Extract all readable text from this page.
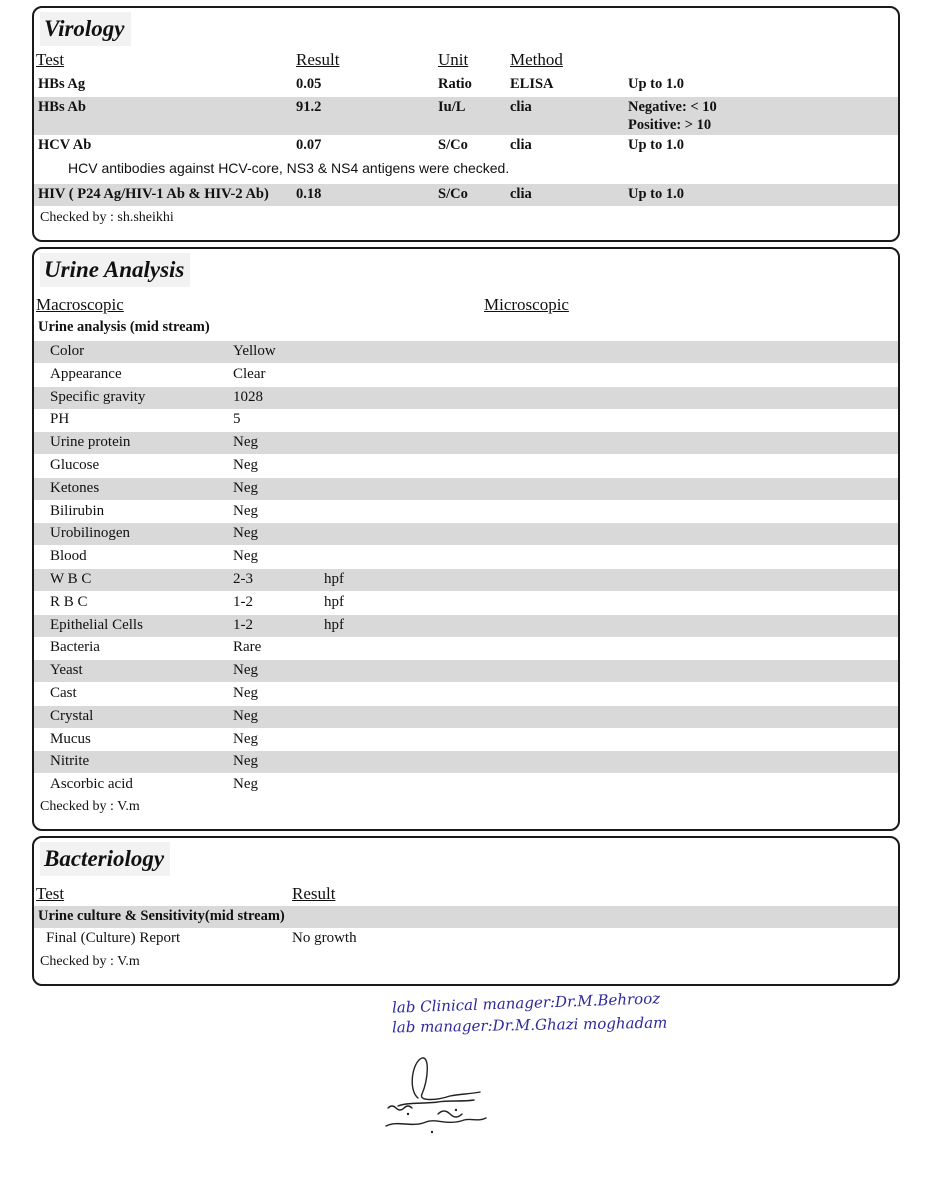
Virology
Test	Result	Unit Method
HBs Ag	0.05	Ratio	ELISA	Up to 1.0
HBs Ab	91.2	Iu/L	clia	Negative: < 10
Positive: > 10
HCV Ab	0.07	S/Co	clia	Up to 1.0
HCV antibodies against HCV-core, NS3 & NS4 antigens were checked.
HIV ( P24 Ag/HIV-1 Ab & HIV-2 Ab) 0.18	S/Co	clia	Up to 1.0
Checked by : sh.sheikhi
Urine Analysis
Macroscopic	Microscopic
Urine analysis (mid stream)
Color	Yellow
Appearance	Clear
Specific gravity	1028
PH	5
Urine protein	Neg
Glucose	Neg
Ketones	Neg
Bilirubin	Neg
Urobilinogen	Neg
Blood	Neg
W B C	2-3	hpf
R B C	1-2	hpf
Epithelial Cells	1-2	hpf
Bacteria	Rare
Yeast	Neg
Cast	Neg
Crystal	Neg
Mucus	Neg
Nitrite	Neg
Ascorbic acid	Neg
Checked by : V.m
Bacteriology
Test	Result
Urine culture & Sensitivity(mid stream)
Final (Culture) Report	No growth
Checked by : V.m
lab Clinical manager:Dr.M.Behrooz
lab manager:Dr.M.Ghazi moghadam
